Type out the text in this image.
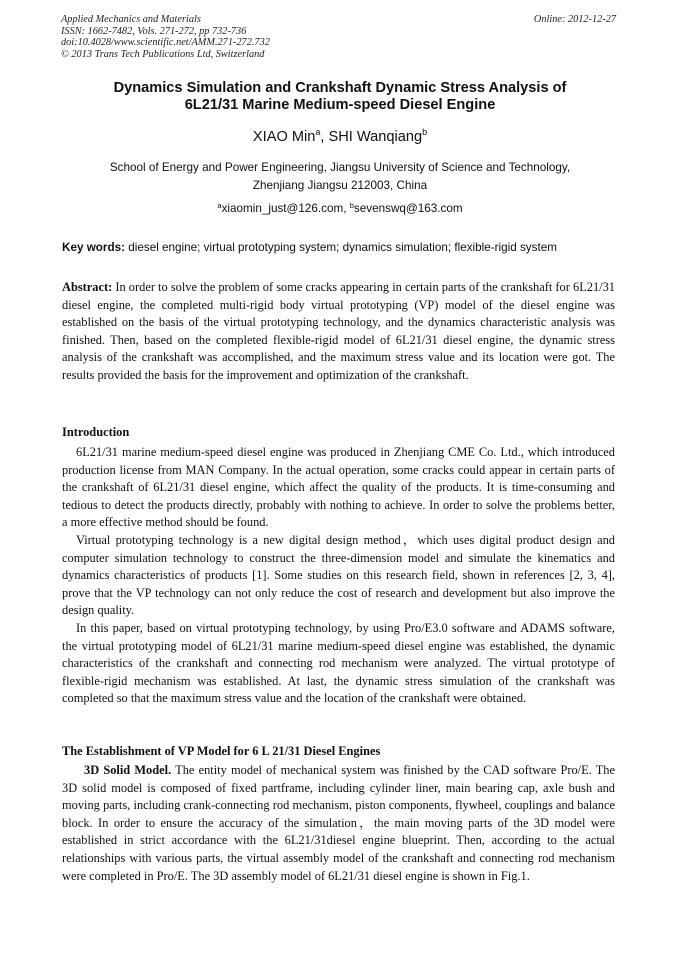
Applied Mechanics and Materials
ISSN: 1662-7482, Vols. 271-272, pp 732-736
doi:10.4028/www.scientific.net/AMM.271-272.732
© 2013 Trans Tech Publications Ltd, Switzerland
Online: 2012-12-27
Dynamics Simulation and Crankshaft Dynamic Stress Analysis of
6L21/31 Marine Medium-speed Diesel Engine
XIAO Min$^a$, SHI Wanqiang$^b$
School of Energy and Power Engineering, Jiangsu University of Science and Technology,
Zhenjiang Jiangsu 212003, China
$^a$xiaomin_just@126.com, $^b$sevenswq@163.com
Key words: diesel engine; virtual prototyping system; dynamics simulation; flexible-rigid system

Abstract: In order to solve the problem of some cracks appearing in certain parts of the crankshaft for 6L21/31 diesel engine, the completed multi-rigid body virtual prototyping (VP) model of the diesel engine was established on the basis of the virtual prototyping technology, and the dynamics characteristic analysis was finished. Then, based on the completed flexible-rigid model of 6L21/31 diesel engine, the dynamic stress analysis of the crankshaft was accomplished, and the maximum stress value and its location were got. The results provided the basis for the improvement and optimization of the crankshaft.

Introduction

6L21/31 marine medium-speed diesel engine was produced in Zhenjiang CME Co. Ltd., which introduced production license from MAN Company. In the actual operation, some cracks could appear in certain parts of the crankshaft of 6L21/31 diesel engine, which affect the quality of the products. It is time-consuming and tedious to detect the products directly, probably with nothing to achieve. In order to solve the problems better, a more effective method should be found.

Virtual prototyping technology is a new digital design method，which uses digital product design and computer simulation technology to construct the three-dimension model and simulate the kinematics and dynamics characteristics of products [1]. Some studies on this research field, shown in references [2, 3, 4], prove that the VP technology can not only reduce the cost of research and development but also improve the design quality.

In this paper, based on virtual prototyping technology, by using Pro/E3.0 software and ADAMS software, the virtual prototyping model of 6L21/31 marine medium-speed diesel engine was established, the dynamic characteristics of the crankshaft and connecting rod mechanism were analyzed. The virtual prototype of flexible-rigid mechanism was established. At last, the dynamic stress simulation of the crankshaft was completed so that the maximum stress value and the location of the crankshaft were obtained.

The Establishment of VP Model for 6 L 21/31 Diesel Engines

3D Solid Model. The entity model of mechanical system was finished by the CAD software Pro/E. The 3D solid model is composed of fixed partframe, including cylinder liner, main bearing cap, axle bush and moving parts, including crank-connecting rod mechanism, piston components, flywheel, couplings and balance block. In order to ensure the accuracy of the simulation，the main moving parts of the 3D model were established in strict accordance with the 6L21/31diesel engine blueprint. Then, according to the actual relationships with various parts, the virtual assembly model of the crankshaft and connecting rod mechanism were completed in Pro/E. The 3D assembly model of 6L21/31 diesel engine is shown in Fig.1.
